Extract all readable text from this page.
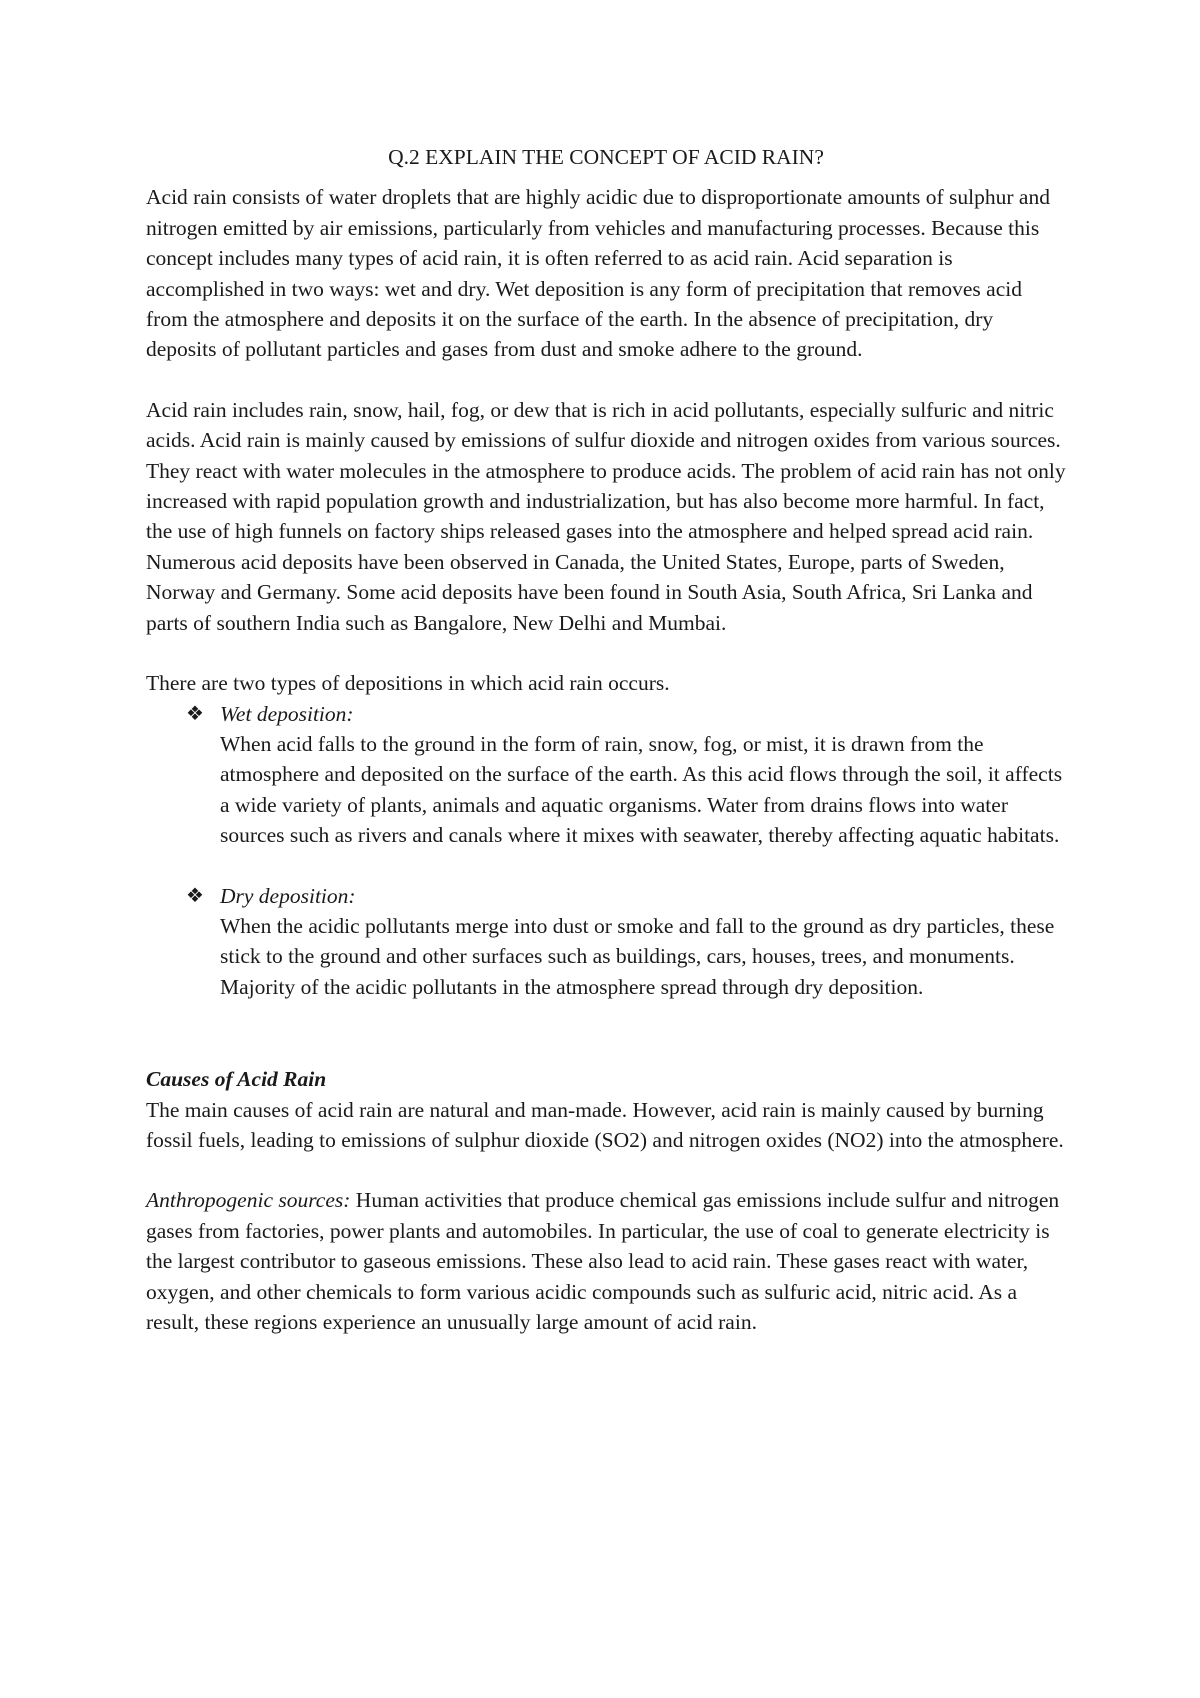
Q.2 EXPLAIN THE CONCEPT OF ACID RAIN?

Acid rain consists of water droplets that are highly acidic due to disproportionate amounts of sulphur and nitrogen emitted by air emissions, particularly from vehicles and manufacturing processes. Because this concept includes many types of acid rain, it is often referred to as acid rain. Acid separation is accomplished in two ways: wet and dry. Wet deposition is any form of precipitation that removes acid from the atmosphere and deposits it on the surface of the earth. In the absence of precipitation, dry deposits of pollutant particles and gases from dust and smoke adhere to the ground.

Acid rain includes rain, snow, hail, fog, or dew that is rich in acid pollutants, especially sulfuric and nitric acids. Acid rain is mainly caused by emissions of sulfur dioxide and nitrogen oxides from various sources. They react with water molecules in the atmosphere to produce acids. The problem of acid rain has not only increased with rapid population growth and industrialization, but has also become more harmful. In fact, the use of high funnels on factory ships released gases into the atmosphere and helped spread acid rain. Numerous acid deposits have been observed in Canada, the United States, Europe, parts of Sweden, Norway and Germany. Some acid deposits have been found in South Asia, South Africa, Sri Lanka and parts of southern India such as Bangalore, New Delhi and Mumbai.

There are two types of depositions in which acid rain occurs.

❖ Wet deposition:

When acid falls to the ground in the form of rain, snow, fog, or mist, it is drawn from the atmosphere and deposited on the surface of the earth. As this acid flows through the soil, it affects a wide variety of plants, animals and aquatic organisms. Water from drains flows into water sources such as rivers and canals where it mixes with seawater, thereby affecting aquatic habitats.

❖ Dry deposition:

When the acidic pollutants merge into dust or smoke and fall to the ground as dry particles, these stick to the ground and other surfaces such as buildings, cars, houses, trees, and monuments. Majority of the acidic pollutants in the atmosphere spread through dry deposition.

Causes of Acid Rain

The main causes of acid rain are natural and man-made. However, acid rain is mainly caused by burning fossil fuels, leading to emissions of sulphur dioxide (SO2) and nitrogen oxides (NO2) into the atmosphere.

Anthropogenic sources: Human activities that produce chemical gas emissions include sulfur and nitrogen gases from factories, power plants and automobiles. In particular, the use of coal to generate electricity is the largest contributor to gaseous emissions. These also lead to acid rain. These gases react with water, oxygen, and other chemicals to form various acidic compounds such as sulfuric acid, nitric acid. As a result, these regions experience an unusually large amount of acid rain.
